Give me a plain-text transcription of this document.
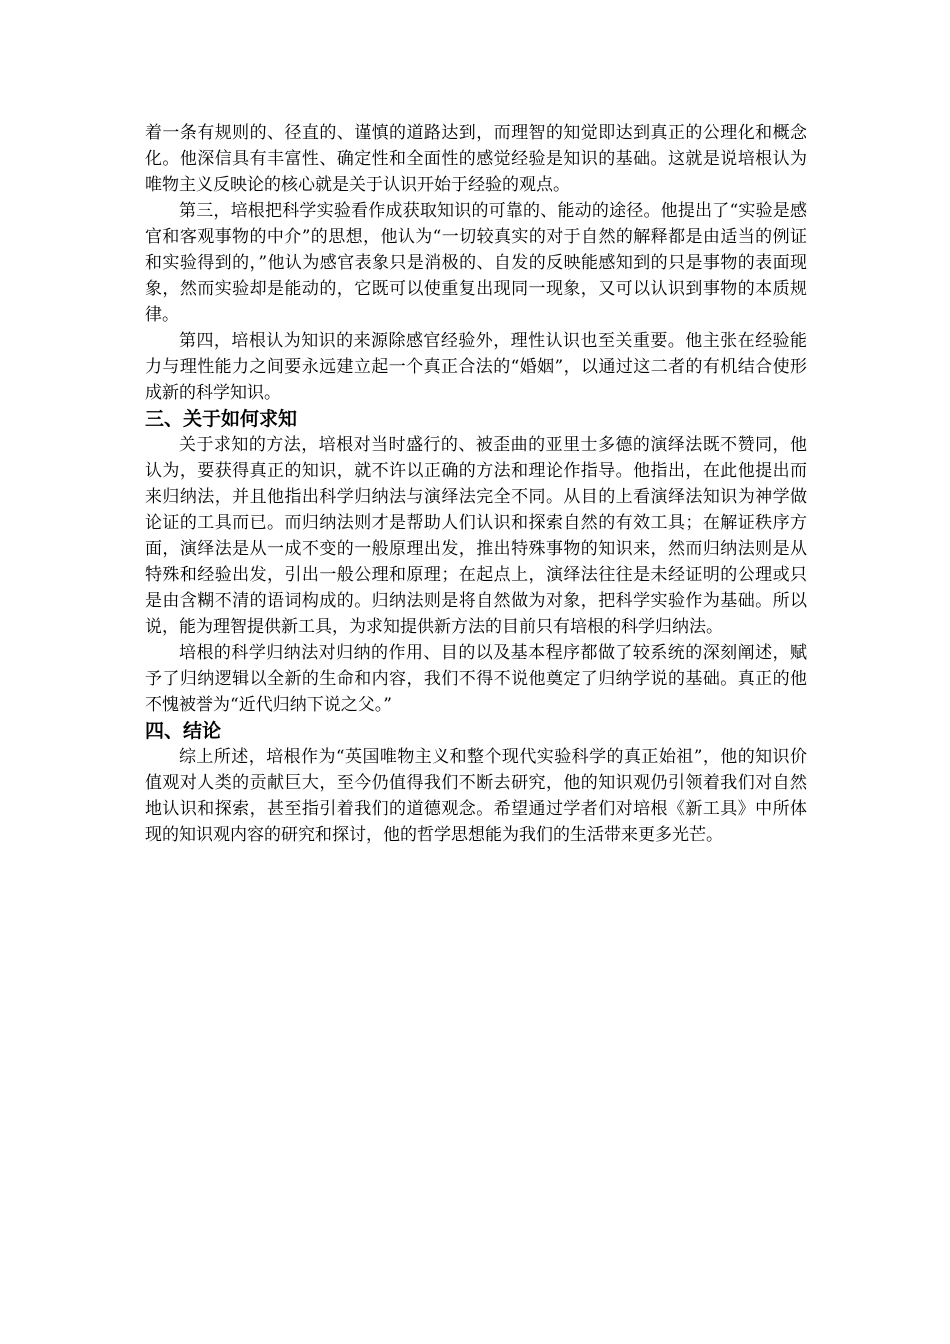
着一条有规则的、径直的、谨慎的道路达到，而理智的知觉即达到真正的公理化和概念化。他深信具有丰富性、确定性和全面性的感觉经验是知识的基础。这就是说培根认为唯物主义反映论的核心就是关于认识开始于经验的观点。

第三，培根把科学实验看作成获取知识的可靠的、能动的途径。他提出了“实验是感官和客观事物的中介”的思想，他认为“一切较真实的对于自然的解释都是由适当的例证和实验得到的，”他认为感官表象只是消极的、自发的反映能感知到的只是事物的表面现象，然而实验却是能动的，它既可以使重复出现同一现象，又可以认识到事物的本质规律。

第四，培根认为知识的来源除感官经验外，理性认识也至关重要。他主张在经验能力与理性能力之间要永远建立起一个真正合法的“婚姻”，以通过这二者的有机结合使形成新的科学知识。

三、关于如何求知

关于求知的方法，培根对当时盛行的、被歪曲的亚里士多德的演绎法既不赞同，他认为，要获得真正的知识，就不许以正确的方法和理论作指导。他指出，在此他提出而来归纳法，并且他指出科学归纳法与演绎法完全不同。从目的上看演绎法知识为神学做论证的工具而已。而归纳法则才是帮助人们认识和探索自然的有效工具；在解证秩序方面，演绎法是从一成不变的一般原理出发，推出特殊事物的知识来，然而归纳法则是从特殊和经验出发，引出一般公理和原理；在起点上，演绎法往往是未经证明的公理或只是由含糊不清的语词构成的。归纳法则是将自然做为对象，把科学实验作为基础。所以说，能为理智提供新工具，为求知提供新方法的目前只有培根的科学归纳法。

培根的科学归纳法对归纳的作用、目的以及基本程序都做了较系统的深刻阐述，赋予了归纳逻辑以全新的生命和内容，我们不得不说他奠定了归纳学说的基础。真正的他不愧被誉为“近代归纳下说之父。”

四、结论

综上所述，培根作为“英国唯物主义和整个现代实验科学的真正始祖”，他的知识价值观对人类的贡献巨大，至今仍值得我们不断去研究，他的知识观仍引领着我们对自然地认识和探索，甚至指引着我们的道德观念。希望通过学者们对培根《新工具》中所体现的知识观内容的研究和探讨，他的哲学思想能为我们的生活带来更多光芒。
